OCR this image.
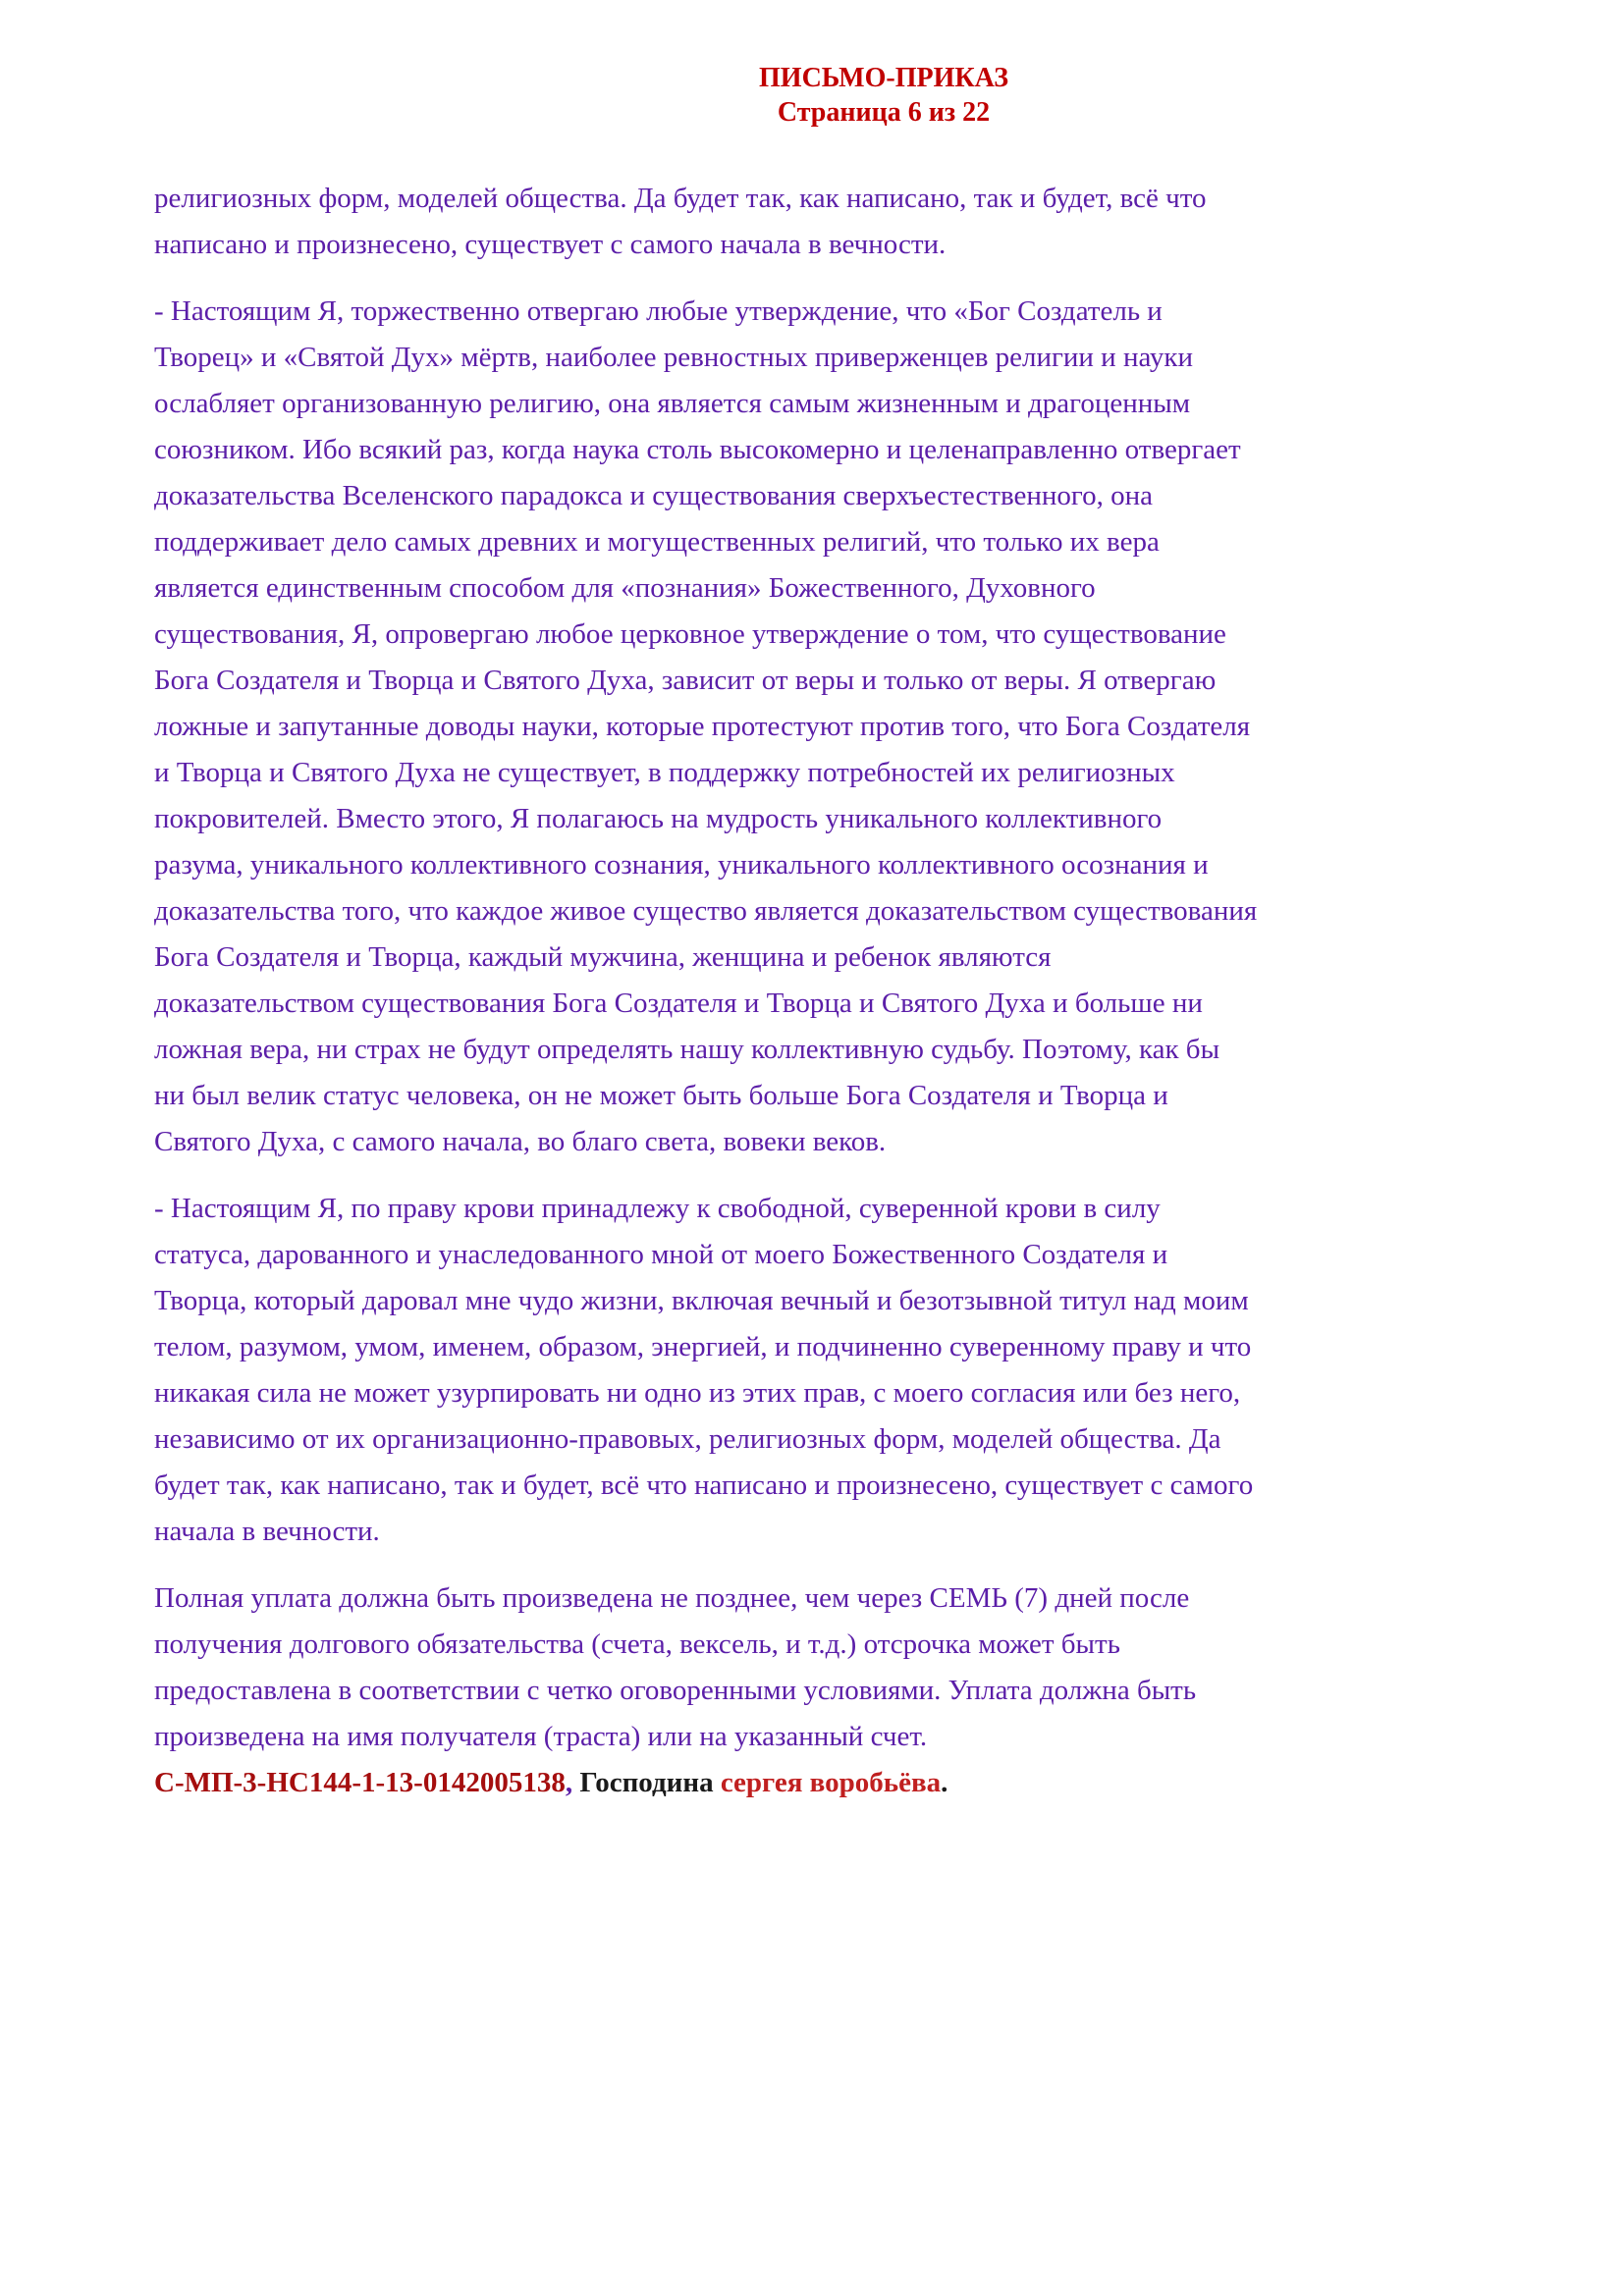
ПИСЬМО-ПРИКАЗ
Страница 6 из 22

религиозных форм, моделей общества. Да будет так, как написано, так и будет, всё что
написано и произнесено, существует с самого начала в вечности.

- Настоящим Я, торжественно отвергаю любые утверждение, что «Бог Создатель и
Творец» и «Святой Дух» мёртв, наиболее ревностных приверженцев религии и науки
ослабляет организованную религию, она является самым жизненным и драгоценным
союзником. Ибо всякий раз, когда наука столь высокомерно и целенаправленно отвергает
доказательства Вселенского парадокса и существования сверхъестественного, она
поддерживает дело самых древних и могущественных религий, что только их вера
является единственным способом для «познания» Божественного, Духовного
существования, Я, опровергаю любое церковное утверждение о том, что существование
Бога Создателя и Творца и Святого Духа, зависит от веры и только от веры. Я отвергаю
ложные и запутанные доводы науки, которые протестуют против того, что Бога Создателя
и Творца и Святого Духа не существует, в поддержку потребностей их религиозных
покровителей. Вместо этого, Я полагаюсь на мудрость уникального коллективного
разума, уникального коллективного сознания, уникального коллективного осознания и
доказательства того, что каждое живое существо является доказательством существования
Бога Создателя и Творца, каждый мужчина, женщина и ребенок являются
доказательством существования Бога Создателя и Творца и Святого Духа и больше ни
ложная вера, ни страх не будут определять нашу коллективную судьбу. Поэтому, как бы
ни был велик статус человека, он не может быть больше Бога Создателя и Творца и
Святого Духа, с самого начала, во благо света, вовеки веков.

- Настоящим Я, по праву крови принадлежу к свободной, суверенной крови в силу
статуса, дарованного и унаследованного мной от моего Божественного Создателя и
Творца, который даровал мне чудо жизни, включая вечный и безотзывной титул над моим
телом, разумом, умом, именем, образом, энергией, и подчиненно суверенному праву и что
никакая сила не может узурпировать ни одно из этих прав, с моего согласия или без него,
независимо от их организационно-правовых, религиозных форм, моделей общества. Да
будет так, как написано, так и будет, всё что написано и произнесено, существует с самого
начала в вечности.

Полная уплата должна быть произведена не позднее, чем через СЕМЬ (7) дней после
получения долгового обязательства (счета, вексель, и т.д.) отсрочка может быть
предоставлена в соответствии с четко оговоренными условиями. Уплата должна быть
произведена на имя получателя (траста) или на указанный счет.
С-МП-3-НС144-1-13-0142005138, Господина сергея воробьёва.
